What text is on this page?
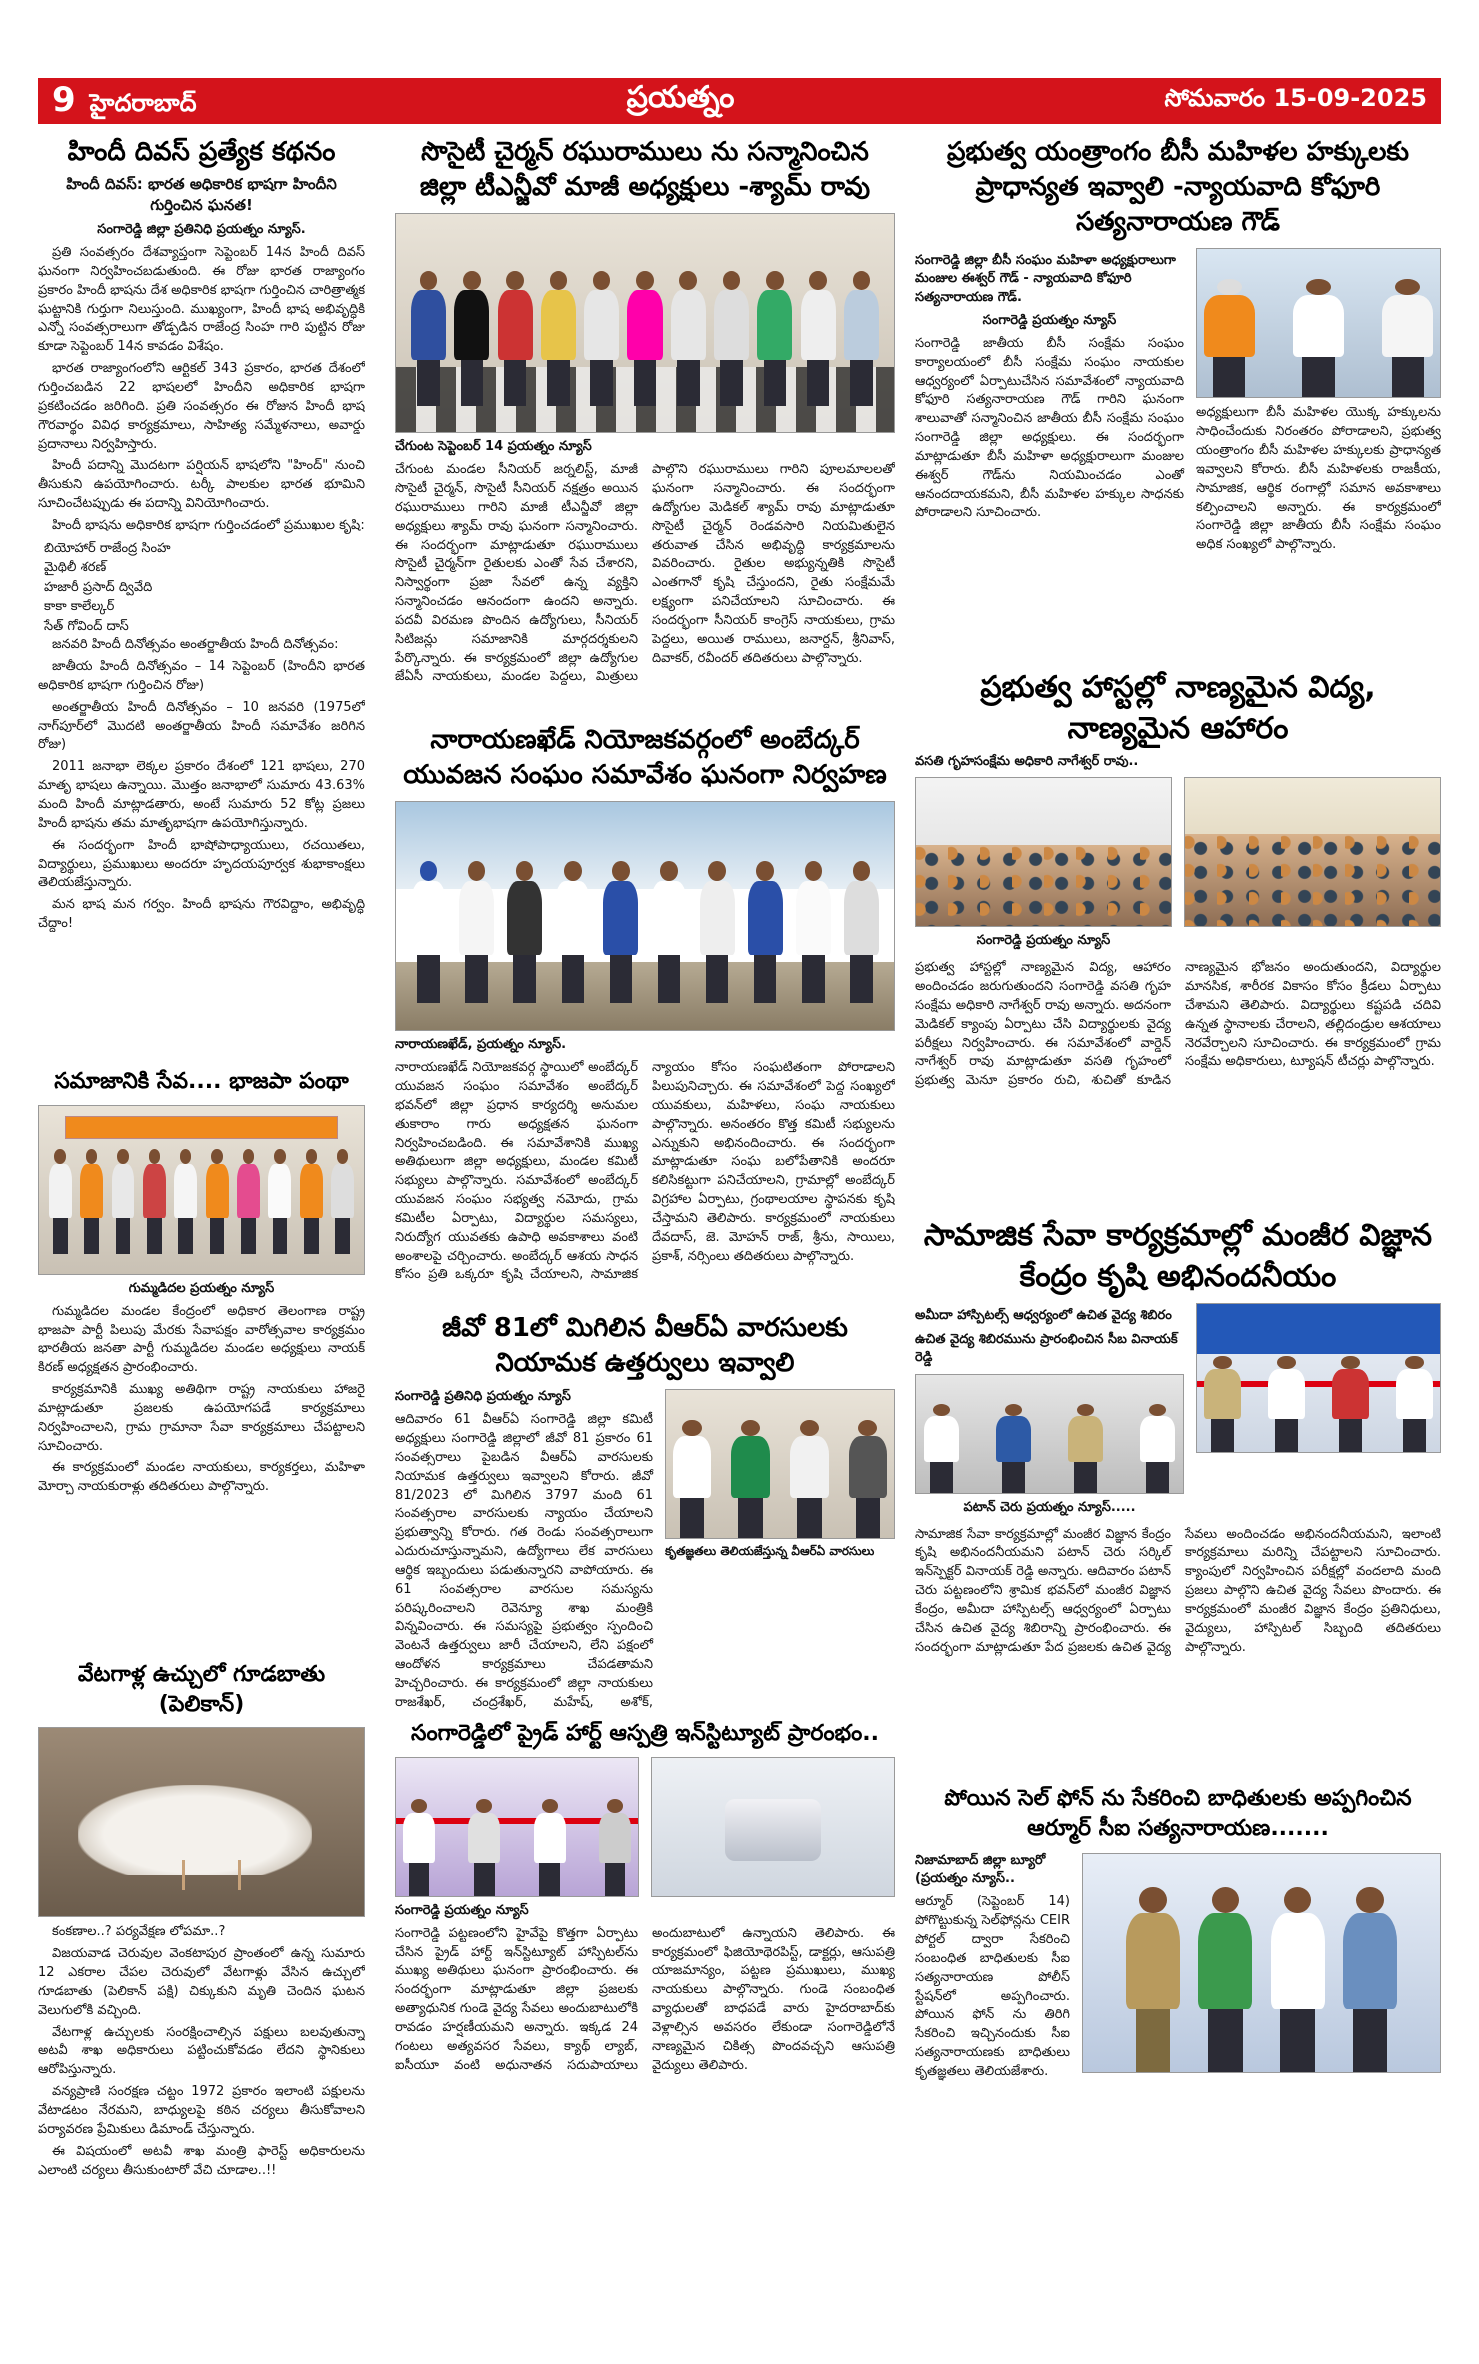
9 హైదరాబాద్	ప్రయత్నం	సోమవారం 15-09-2025
హిందీ దివస్ ప్రత్యేక కథనం
హిందీ దివస్: భారత అధికారిక భాషగా హిందీని గుర్తించిన ఘనత!
సంగారెడ్డి జిల్లా ప్రతినిధి ప్రయత్నం న్యూస్.

ప్రతి సంవత్సరం దేశవ్యాప్తంగా సెప్టెంబర్ 14న హిందీ దివస్ ఘనంగా నిర్వహించబడుతుంది. ఈ రోజు భారత రాజ్యాంగం ప్రకారం హిందీ భాషను దేశ అధికారిక భాషగా గుర్తించిన చారిత్రాత్మక ఘట్టానికి గుర్తుగా నిలుస్తుంది. ముఖ్యంగా, హిందీ భాష అభివృద్ధికి ఎన్నో సంవత్సరాలుగా తోడ్పడిన రాజేంద్ర సింహ గారి పుట్టిన రోజు కూడా సెప్టెంబర్ 14న కావడం విశేషం.

భారత రాజ్యాంగంలోని ఆర్టికల్ 343 ప్రకారం, భారత దేశంలో గుర్తించబడిన 22 భాషలలో హిందీని అధికారిక భాషగా ప్రకటించడం జరిగింది. ప్రతి సంవత్సరం ఈ రోజున హిందీ భాష గౌరవార్థం వివిధ కార్యక్రమాలు, సాహిత్య సమ్మేళనాలు, అవార్డు ప్రదానాలు నిర్వహిస్తారు.

హిందీ పదాన్ని మొదటగా పర్షియన్ భాషలోని "హింద్" నుంచి తీసుకుని ఉపయోగించారు. టర్కీ పాలకుల భారత భూమిని సూచించేటప్పుడు ఈ పదాన్ని వినియోగించారు.

హిందీ భాషను అధికారిక భాషగా గుర్తించడంలో ప్రముఖుల కృషి:

బియోహార్ రాజేంద్ర సింహ
మైథిలీ శరణ్
హజారీ ప్రసాద్ ద్వివేది
కాకా కాలేల్కర్
సేత్ గోవింద్ దాస్

జనవరి హిందీ దినోత్సవం అంతర్జాతీయ హిందీ దినోత్సవం:

జాతీయ హిందీ దినోత్సవం – 14 సెప్టెంబర్ (హిందీని భారత అధికారిక భాషగా గుర్తించిన రోజు)

అంతర్జాతీయ హిందీ దినోత్సవం – 10 జనవరి (1975లో నాగ్‌పూర్‌లో మొదటి అంతర్జాతీయ హిందీ సమావేశం జరిగిన రోజు)

2011 జనాభా లెక్కల ప్రకారం దేశంలో 121 భాషలు, 270 మాతృ భాషలు ఉన్నాయి. మొత్తం జనాభాలో సుమారు 43.63% మంది హిందీ మాట్లాడతారు, అంటే సుమారు 52 కోట్ల ప్రజలు హిందీ భాషను తమ మాతృభాషగా ఉపయోగిస్తున్నారు.

ఈ సందర్భంగా హిందీ భాషోపాధ్యాయులు, రచయితలు, విద్యార్థులు, ప్రముఖులు అందరూ హృదయపూర్వక శుభాకాంక్షలు తెలియజేస్తున్నారు.

మన భాష మన గర్వం. హిందీ భాషను గౌరవిద్దాం, అభివృద్ధి చేద్దాం!

సమాజానికి సేవ.... భాజపా పంథా
గుమ్మడిదల ప్రయత్నం న్యూస్

గుమ్మడిదల మండల కేంద్రంలో అధికార తెలంగాణ రాష్ట్ర భాజపా పార్టీ పిలుపు మేరకు సేవాపక్షం వారోత్సవాల కార్యక్రమం భారతీయ జనతా పార్టీ గుమ్మడిదల మండల అధ్యక్షులు నాయక్ కిరణ్ అధ్యక్షతన ప్రారంభించారు.

కార్యక్రమానికి ముఖ్య అతిథిగా రాష్ట్ర నాయకులు హాజరై మాట్లాడుతూ ప్రజలకు ఉపయోగపడే కార్యక్రమాలు నిర్వహించాలని, గ్రామ గ్రామానా సేవా కార్యక్రమాలు చేపట్టాలని సూచించారు.

ఈ కార్యక్రమంలో మండల నాయకులు, కార్యకర్తలు, మహిళా మోర్చా నాయకురాళ్లు తదితరులు పాల్గొన్నారు.

వేటగాళ్ల ఉచ్చులో గూడబాతు (పెలికాన్)

కంకణాల..? పర్యవేక్షణ లోపమా..?

విజయవాడ చెరువుల వెంకటాపుర ప్రాంతంలో ఉన్న సుమారు 12 ఎకరాల చేపల చెరువులో వేటగాళ్లు వేసిన ఉచ్చులో గూడబాతు (పెలికాన్ పక్షి) చిక్కుకుని మృతి చెందిన ఘటన వెలుగులోకి వచ్చింది.

వేటగాళ్ల ఉచ్చులకు సంరక్షించాల్సిన పక్షులు బలవుతున్నా అటవీ శాఖ అధికారులు పట్టించుకోవడం లేదని స్థానికులు ఆరోపిస్తున్నారు.

వన్యప్రాణి సంరక్షణ చట్టం 1972 ప్రకారం ఇలాంటి పక్షులను వేటాడటం నేరమని, బాధ్యులపై కఠిన చర్యలు తీసుకోవాలని పర్యావరణ ప్రేమికులు డిమాండ్ చేస్తున్నారు.

ఈ విషయంలో అటవీ శాఖ మంత్రి ఫారెస్ట్ అధికారులను ఎలాంటి చర్యలు తీసుకుంటారో వేచి చూడాల..!!

సొసైటీ చైర్మన్ రఘురాములు ను సన్మానించిన జిల్లా టీఎన్జీవో మాజీ అధ్యక్షులు -శ్యామ్ రావు
చేగుంట సెప్టెంబర్ 14 ప్రయత్నం న్యూస్
చేగుంట మండల సీనియర్ జర్నలిస్ట్, మాజీ సొసైటీ చైర్మన్, సొసైటీ సీనియర్ నక్షత్రం అయిన రఘురాములు గారిని మాజీ టీఎన్జీవో జిల్లా అధ్యక్షులు శ్యామ్ రావు ఘనంగా సన్మానించారు. ఈ సందర్భంగా మాట్లాడుతూ రఘురాములు సొసైటీ చైర్మన్‌గా రైతులకు ఎంతో సేవ చేశారని, నిస్వార్థంగా ప్రజా సేవలో ఉన్న వ్యక్తిని సన్మానించడం ఆనందంగా ఉందని అన్నారు. పదవీ విరమణ పొందిన ఉద్యోగులు, సీనియర్ సిటిజన్లు సమాజానికి మార్గదర్శకులని పేర్కొన్నారు. ఈ కార్యక్రమంలో జిల్లా ఉద్యోగుల జేఏసీ నాయకులు, మండల పెద్దలు, మిత్రులు పాల్గొని రఘురాములు గారిని పూలమాలలతో ఘనంగా సన్మానించారు. ఈ సందర్భంగా ఉద్యోగుల మెడికల్ శ్యామ్ రావు మాట్లాడుతూ సొసైటీ చైర్మన్ రెండవసారి నియమితులైన తరువాత చేసిన అభివృద్ధి కార్యక్రమాలను వివరించారు. రైతుల అభ్యున్నతికి సొసైటీ ఎంతగానో కృషి చేస్తుందని, రైతు సంక్షేమమే లక్ష్యంగా పనిచేయాలని సూచించారు. ఈ సందర్భంగా సీనియర్ కాంగ్రెస్ నాయకులు, గ్రామ పెద్దలు, అయిత రాములు, జనార్దన్, శ్రీనివాస్, దివాకర్, రవీందర్ తదితరులు పాల్గొన్నారు.
నారాయణఖేడ్ నియోజకవర్గంలో అంబేద్కర్ యువజన సంఘం సమావేశం ఘనంగా నిర్వహణ
నారాయణఖేడ్, ప్రయత్నం న్యూస్.
నారాయణఖేడ్ నియోజకవర్గ స్థాయిలో అంబేద్కర్ యువజన సంఘం సమావేశం అంబేద్కర్ భవన్‌లో జిల్లా ప్రధాన కార్యదర్శి అనుమల తుకారాం గారు అధ్యక్షతన ఘనంగా నిర్వహించబడింది. ఈ సమావేశానికి ముఖ్య అతిథులుగా జిల్లా అధ్యక్షులు, మండల కమిటీ సభ్యులు పాల్గొన్నారు. సమావేశంలో అంబేద్కర్ యువజన సంఘం సభ్యత్వ నమోదు, గ్రామ కమిటీల ఏర్పాటు, విద్యార్థుల సమస్యలు, నిరుద్యోగ యువతకు ఉపాధి అవకాశాలు వంటి అంశాలపై చర్చించారు. అంబేద్కర్ ఆశయ సాధన కోసం ప్రతి ఒక్కరూ కృషి చేయాలని, సామాజిక న్యాయం కోసం సంఘటితంగా పోరాడాలని పిలుపునిచ్చారు. ఈ సమావేశంలో పెద్ద సంఖ్యలో యువకులు, మహిళలు, సంఘ నాయకులు పాల్గొన్నారు. అనంతరం కొత్త కమిటీ సభ్యులను ఎన్నుకుని అభినందించారు. ఈ సందర్భంగా మాట్లాడుతూ సంఘ బలోపేతానికి అందరూ కలిసికట్టుగా పనిచేయాలని, గ్రామాల్లో అంబేద్కర్ విగ్రహాల ఏర్పాటు, గ్రంథాలయాల స్థాపనకు కృషి చేస్తామని తెలిపారు. కార్యక్రమంలో నాయకులు దేవదాస్, జె. మోహన్ రాజ్, శ్రీను, సాయిలు, ప్రకాశ్, నర్సింలు తదితరులు పాల్గొన్నారు.
జీవో 81లో మిగిలిన వీఆర్ఏ వారసులకు నియామక ఉత్తర్వులు ఇవ్వాలి
సంగారెడ్డి ప్రతినిధి ప్రయత్నం న్యూస్
ఆదివారం 61 వీఆర్ఏ సంగారెడ్డి జిల్లా కమిటీ అధ్యక్షులు సంగారెడ్డి జిల్లాలో జీవో 81 ప్రకారం 61 సంవత్సరాలు పైబడిన వీఆర్ఏ వారసులకు నియామక ఉత్తర్వులు ఇవ్వాలని కోరారు. జీవో 81/2023 లో మిగిలిన 3797 మంది 61 సంవత్సరాల వారసులకు న్యాయం చేయాలని ప్రభుత్వాన్ని కోరారు. గత రెండు సంవత్సరాలుగా ఎదురుచూస్తున్నామని, ఉద్యోగాలు లేక వారసులు ఆర్థిక ఇబ్బందులు పడుతున్నారని వాపోయారు. ఈ 61 సంవత్సరాల వారసుల సమస్యను పరిష్కరించాలని రెవెన్యూ శాఖ మంత్రికి విన్నవించారు. ఈ సమస్యపై ప్రభుత్వం స్పందించి వెంటనే ఉత్తర్వులు జారీ చేయాలని, లేని పక్షంలో ఆందోళన కార్యక్రమాలు చేపడతామని హెచ్చరించారు. ఈ కార్యక్రమంలో జిల్లా నాయకులు రాజశేఖర్, చంద్రశేఖర్, మహేష్, అశోక్,
కృతజ్ఞతలు తెలియజేస్తున్న వీఆర్ఏ వారసులు
సంగారెడ్డిలో ప్రైడ్ హార్ట్ ఆస్పత్రి ఇన్‌స్టిట్యూట్ ప్రారంభం..
సంగారెడ్డి ప్రయత్నం న్యూస్
సంగారెడ్డి పట్టణంలోని హైవేపై కొత్తగా ఏర్పాటు చేసిన ప్రైడ్ హార్ట్ ఇన్‌స్టిట్యూట్ హాస్పిటల్‌ను ముఖ్య అతిథులు ఘనంగా ప్రారంభించారు. ఈ సందర్భంగా మాట్లాడుతూ జిల్లా ప్రజలకు అత్యాధునిక గుండె వైద్య సేవలు అందుబాటులోకి రావడం హర్షణీయమని అన్నారు. ఇక్కడ 24 గంటలు అత్యవసర సేవలు, క్యాథ్ ల్యాబ్, ఐసీయూ వంటి అధునాతన సదుపాయాలు అందుబాటులో ఉన్నాయని తెలిపారు. ఈ కార్యక్రమంలో ఫిజియోథెరపిస్ట్, డాక్టర్లు, ఆసుపత్రి యాజమాన్యం, పట్టణ ప్రముఖులు, ముఖ్య నాయకులు పాల్గొన్నారు. గుండె సంబంధిత వ్యాధులతో బాధపడే వారు హైదరాబాద్‌కు వెళ్లాల్సిన అవసరం లేకుండా సంగారెడ్డిలోనే నాణ్యమైన చికిత్స పొందవచ్చని ఆసుపత్రి వైద్యులు తెలిపారు.
ప్రభుత్వ యంత్రాంగం బీసీ మహిళల హక్కులకు ప్రాధాన్యత ఇవ్వాలి -న్యాయవాది కోఫూరి సత్యనారాయణ గౌడ్
సంగారెడ్డి జిల్లా బీసీ సంఘం మహిళా అధ్యక్షురాలుగా మంజుల ఈశ్వర్ గౌడ్ - న్యాయవాది కోఫూరి సత్యనారాయణ గౌడ్.
సంగారెడ్డి ప్రయత్నం న్యూస్
సంగారెడ్డి జాతీయ బీసీ సంక్షేమ సంఘం కార్యాలయంలో బీసీ సంక్షేమ సంఘం నాయకుల ఆధ్వర్యంలో ఏర్పాటుచేసిన సమావేశంలో న్యాయవాది కోఫూరి సత్యనారాయణ గౌడ్ గారిని ఘనంగా శాలువాతో సన్మానించిన జాతీయ బీసీ సంక్షేమ సంఘం సంగారెడ్డి జిల్లా అధ్యక్షులు. ఈ సందర్భంగా మాట్లాడుతూ బీసీ మహిళా అధ్యక్షురాలుగా మంజుల ఈశ్వర్ గౌడ్‌ను నియమించడం ఎంతో ఆనందదాయకమని, బీసీ మహిళల హక్కుల సాధనకు పోరాడాలని సూచించారు.
అధ్యక్షులుగా బీసీ మహిళల యొక్క హక్కులను సాధించేందుకు నిరంతరం పోరాడాలని, ప్రభుత్వ యంత్రాంగం బీసీ మహిళల హక్కులకు ప్రాధాన్యత ఇవ్వాలని కోరారు. బీసీ మహిళలకు రాజకీయ, సామాజిక, ఆర్థిక రంగాల్లో సమాన అవకాశాలు కల్పించాలని అన్నారు. ఈ కార్యక్రమంలో సంగారెడ్డి జిల్లా జాతీయ బీసీ సంక్షేమ సంఘం అధిక సంఖ్యలో పాల్గొన్నారు.
ప్రభుత్వ హాస్టల్లో నాణ్యమైన విద్య, నాణ్యమైన ఆహారం
వసతి గృహసంక్షేమ అధికారి నాగేశ్వర్ రావు..
సంగారెడ్డి ప్రయత్నం న్యూస్
ప్రభుత్వ హాస్టల్లో నాణ్యమైన విద్య, ఆహారం అందించడం జరుగుతుందని సంగారెడ్డి వసతి గృహ సంక్షేమ అధికారి నాగేశ్వర్ రావు అన్నారు. అదనంగా మెడికల్ క్యాంపు ఏర్పాటు చేసి విద్యార్థులకు వైద్య పరీక్షలు నిర్వహించారు. ఈ సమావేశంలో వార్డెన్ నాగేశ్వర్ రావు మాట్లాడుతూ వసతి గృహంలో ప్రభుత్వ మెనూ ప్రకారం రుచి, శుచితో కూడిన నాణ్యమైన భోజనం అందుతుందని, విద్యార్థుల మానసిక, శారీరక వికాసం కోసం క్రీడలు ఏర్పాటు చేశామని తెలిపారు. విద్యార్థులు కష్టపడి చదివి ఉన్నత స్థానాలకు చేరాలని, తల్లిదండ్రుల ఆశయాలు నెరవేర్చాలని సూచించారు. ఈ కార్యక్రమంలో గ్రామ సంక్షేమ అధికారులు, ట్యూషన్ టీచర్లు పాల్గొన్నారు.
సామాజిక సేవా కార్యక్రమాల్లో మంజీర విజ్ఞాన కేంద్రం కృషి అభినందనీయం
అమీదా హాస్పిటల్స్ ఆధ్వర్యంలో ఉచిత వైద్య శిబిరం
ఉచిత వైద్య శిబిరమును ప్రారంభించిన సీబ వినాయక్ రెడ్డి
పటాన్ చెరు ప్రయత్నం న్యూస్.....
సామాజిక సేవా కార్యక్రమాల్లో మంజీర విజ్ఞాన కేంద్రం కృషి అభినందనీయమని పటాన్ చెరు సర్కిల్ ఇన్‌స్పెక్టర్ వినాయక్ రెడ్డి అన్నారు. ఆదివారం పటాన్ చెరు పట్టణంలోని శ్రామిక భవన్‌లో మంజీర విజ్ఞాన కేంద్రం, అమీదా హాస్పిటల్స్ ఆధ్వర్యంలో ఏర్పాటు చేసిన ఉచిత వైద్య శిబిరాన్ని ప్రారంభించారు. ఈ సందర్భంగా మాట్లాడుతూ పేద ప్రజలకు ఉచిత వైద్య సేవలు అందించడం అభినందనీయమని, ఇలాంటి కార్యక్రమాలు మరిన్ని చేపట్టాలని సూచించారు. క్యాంపులో నిర్వహించిన పరీక్షల్లో వందలాది మంది ప్రజలు పాల్గొని ఉచిత వైద్య సేవలు పొందారు. ఈ కార్యక్రమంలో మంజీర విజ్ఞాన కేంద్రం ప్రతినిధులు, వైద్యులు, హాస్పిటల్ సిబ్బంది తదితరులు పాల్గొన్నారు.
పోయిన సెల్ ఫోన్ ను సేకరించి బాధితులకు అప్పగించిన ఆర్మూర్ సీఐ సత్యనారాయణ.......
నిజామాబాద్ జిల్లా బ్యూరో (ప్రయత్నం న్యూస్..
ఆర్మూర్ (సెప్టెంబర్ 14) పోగొట్టుకున్న సెల్‌ఫోన్లను CEIR పోర్టల్ ద్వారా సేకరించి సంబంధిత బాధితులకు సీఐ సత్యనారాయణ పోలీస్ స్టేషన్‌లో అప్పగించారు. పోయిన ఫోన్ ను తిరిగి సేకరించి ఇచ్చినందుకు సీఐ సత్యనారాయణకు బాధితులు కృతజ్ఞతలు తెలియజేశారు.
